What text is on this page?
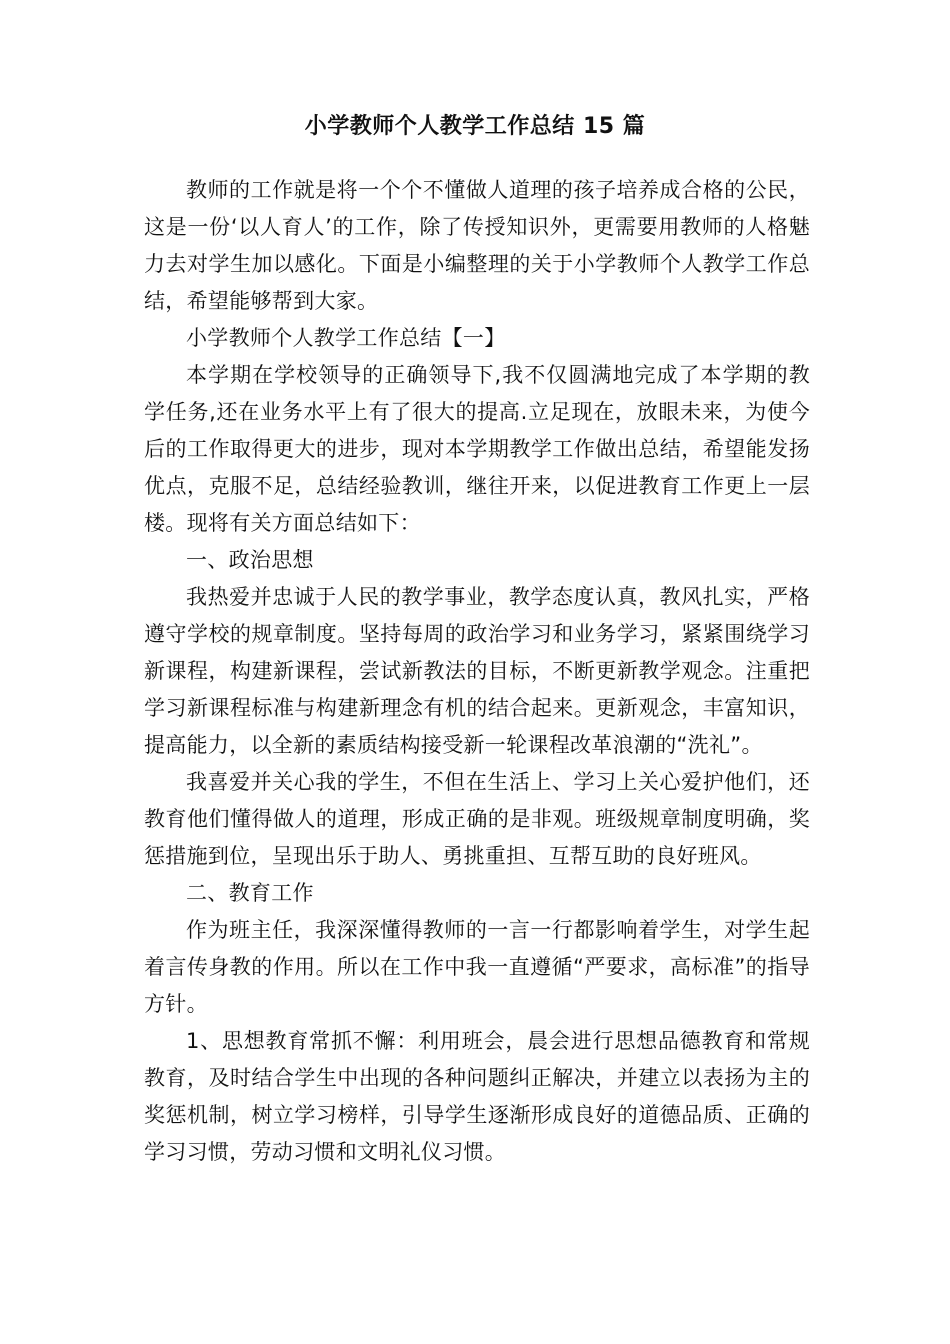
小学教师个人教学工作总结 15 篇

教师的工作就是将一个个不懂做人道理的孩子培养成合格的公民，这是一份‘以人育人’的工作，除了传授知识外，更需要用教师的人格魅力去对学生加以感化。下面是小编整理的关于小学教师个人教学工作总结，希望能够帮到大家。

小学教师个人教学工作总结【一】

本学期在学校领导的正确领导下,我不仅圆满地完成了本学期的教学任务,还在业务水平上有了很大的提高.立足现在，放眼未来，为使今后的工作取得更大的进步，现对本学期教学工作做出总结，希望能发扬优点，克服不足，总结经验教训，继往开来，以促进教育工作更上一层楼。现将有关方面总结如下：

一、政治思想

我热爱并忠诚于人民的教学事业，教学态度认真，教风扎实，严格遵守学校的规章制度。坚持每周的政治学习和业务学习，紧紧围绕学习新课程，构建新课程，尝试新教法的目标，不断更新教学观念。注重把学习新课程标准与构建新理念有机的结合起来。更新观念，丰富知识，提高能力，以全新的素质结构接受新一轮课程改革浪潮的“洗礼”。

我喜爱并关心我的学生，不但在生活上、学习上关心爱护他们，还教育他们懂得做人的道理，形成正确的是非观。班级规章制度明确，奖惩措施到位，呈现出乐于助人、勇挑重担、互帮互助的良好班风。

二、教育工作

作为班主任，我深深懂得教师的一言一行都影响着学生，对学生起着言传身教的作用。所以在工作中我一直遵循“严要求，高标准”的指导方针。

1、思想教育常抓不懈：利用班会，晨会进行思想品德教育和常规教育，及时结合学生中出现的各种问题纠正解决，并建立以表扬为主的奖惩机制，树立学习榜样，引导学生逐渐形成良好的道德品质、正确的学习习惯，劳动习惯和文明礼仪习惯。
